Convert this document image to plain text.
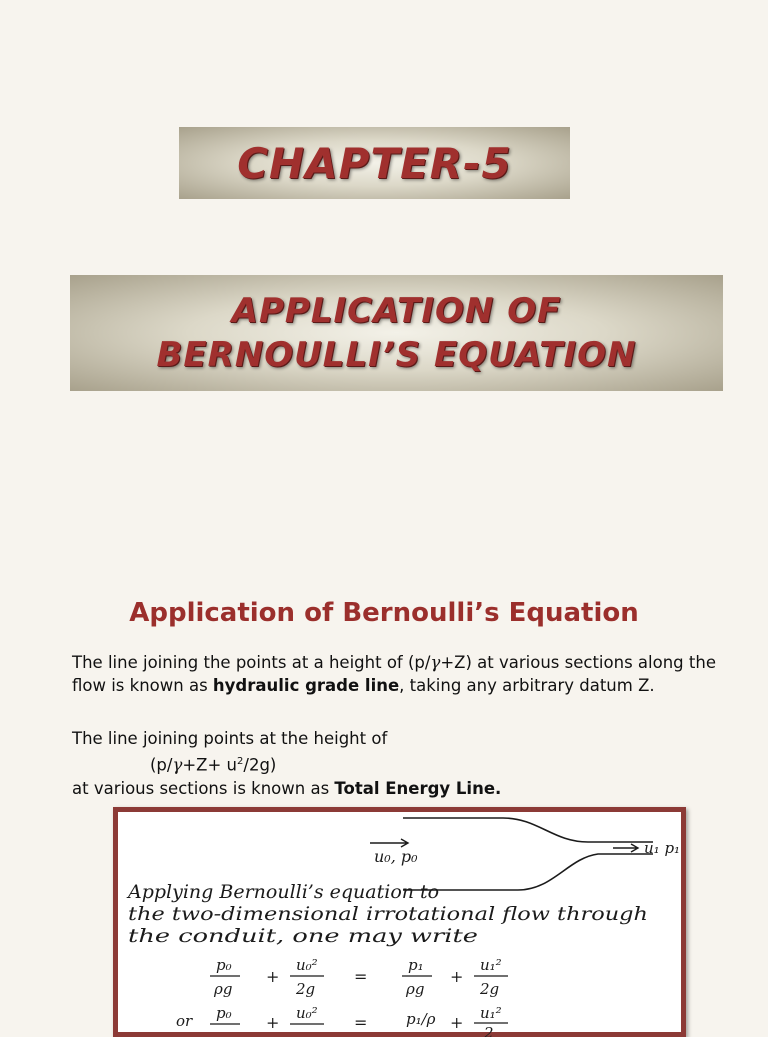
CHAPTER-5
APPLICATION OF
BERNOULLI’S EQUATION
Application of Bernoulli’s Equation
The line joining the points at a height of (p/γ+Z) at various sections along the flow is known as hydraulic grade line, taking any arbitrary datum Z.
The line joining points at the height of
$(p/\gamma+Z+ u^2/2g)$
at various sections is known as Total Energy Line.
u₀, p₀	u₁ p₁
Applying Bernoulli’s equation to
the two-dimensional irrotational flow through
the conduit, one may write
p₀
ρg
+
u₀²
2g
=
p₁
ρg
+
u₁²
2g
or p₀ + u₀² =	p₁/ρ + u₁²
2
